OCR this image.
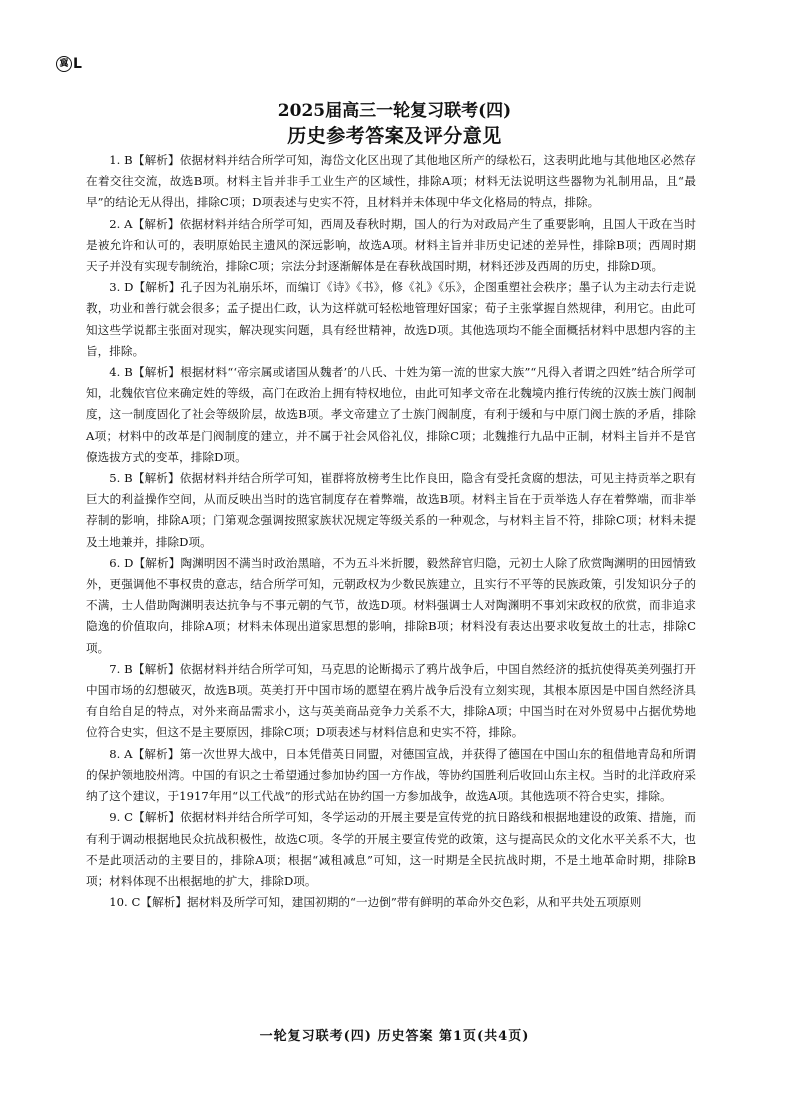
冀 L
2025届高三一轮复习联考(四)
历史参考答案及评分意见

1. B【解析】依据材料并结合所学可知，海岱文化区出现了其他地区所产的绿松石，这表明此地与其他地区必然存在着交往交流，故选B项。材料主旨并非手工业生产的区域性，排除A项；材料无法说明这些器物为礼制用品，且“最早”的结论无从得出，排除C项；D项表述与史实不符，且材料并未体现中华文化格局的特点，排除。

2. A【解析】依据材料并结合所学可知，西周及春秋时期，国人的行为对政局产生了重要影响，且国人干政在当时是被允许和认可的，表明原始民主遗风的深远影响，故选A项。材料主旨并非历史记述的差异性，排除B项；西周时期天子并没有实现专制统治，排除C项；宗法分封逐渐解体是在春秋战国时期，材料还涉及西周的历史，排除D项。

3. D【解析】孔子因为礼崩乐坏，而编订《诗》《书》，修《礼》《乐》，企图重塑社会秩序；墨子认为主动去行走说教，功业和善行就会很多；孟子提出仁政，认为这样就可轻松地管理好国家；荀子主张掌握自然规律，利用它。由此可知这些学说都主张面对现实，解决现实问题，具有经世精神，故选D项。其他选项均不能全面概括材料中思想内容的主旨，排除。

4. B【解析】根据材料“‘帝宗属或诸国从魏者’的八氏、十姓为第一流的世家大族”“凡得入者谓之四姓”结合所学可知，北魏依官位来确定姓的等级，高门在政治上拥有特权地位，由此可知孝文帝在北魏境内推行传统的汉族士族门阀制度，这一制度固化了社会等级阶层，故选B项。孝文帝建立了士族门阀制度，有利于缓和与中原门阀士族的矛盾，排除A项；材料中的改革是门阀制度的建立，并不属于社会风俗礼仪，排除C项；北魏推行九品中正制，材料主旨并不是官僚选拔方式的变革，排除D项。

5. B【解析】依据材料并结合所学可知，崔群将放榜考生比作良田，隐含有受托贪腐的想法，可见主持贡举之职有巨大的利益操作空间，从而反映出当时的选官制度存在着弊端，故选B项。材料主旨在于贡举选人存在着弊端，而非举荐制的影响，排除A项；门第观念强调按照家族状况规定等级关系的一种观念，与材料主旨不符，排除C项；材料未提及土地兼并，排除D项。

6. D【解析】陶渊明因不满当时政治黑暗，不为五斗米折腰，毅然辞官归隐，元初士人除了欣赏陶渊明的田园情致外，更强调他不事权贵的意志，结合所学可知，元朝政权为少数民族建立，且实行不平等的民族政策，引发知识分子的不满，士人借助陶渊明表达抗争与不事元朝的气节，故选D项。材料强调士人对陶渊明不事刘宋政权的欣赏，而非追求隐逸的价值取向，排除A项；材料未体现出道家思想的影响，排除B项；材料没有表达出要求收复故土的壮志，排除C项。

7. B【解析】依据材料并结合所学可知，马克思的论断揭示了鸦片战争后，中国自然经济的抵抗使得英美列强打开中国市场的幻想破灭，故选B项。英美打开中国市场的愿望在鸦片战争后没有立刻实现，其根本原因是中国自然经济具有自给自足的特点，对外来商品需求小，这与英美商品竞争力关系不大，排除A项；中国当时在对外贸易中占据优势地位符合史实，但这不是主要原因，排除C项；D项表述与材料信息和史实不符，排除。

8. A【解析】第一次世界大战中，日本凭借英日同盟，对德国宣战，并获得了德国在中国山东的租借地青岛和所谓的保护领地胶州湾。中国的有识之士希望通过参加协约国一方作战，等协约国胜利后收回山东主权。当时的北洋政府采纳了这个建议，于1917年用“以工代战”的形式站在协约国一方参加战争，故选A项。其他选项不符合史实，排除。

9. C【解析】依据材料并结合所学可知，冬学运动的开展主要是宣传党的抗日路线和根据地建设的政策、措施，而有利于调动根据地民众抗战积极性，故选C项。冬学的开展主要宣传党的政策，这与提高民众的文化水平关系不大，也不是此项活动的主要目的，排除A项；根据“减租减息”可知，这一时期是全民抗战时期，不是土地革命时期，排除B项；材料体现不出根据地的扩大，排除D项。

10. C【解析】据材料及所学可知，建国初期的“一边倒”带有鲜明的革命外交色彩，从和平共处五项原则

一轮复习联考(四) 历史答案 第1页(共4页)
